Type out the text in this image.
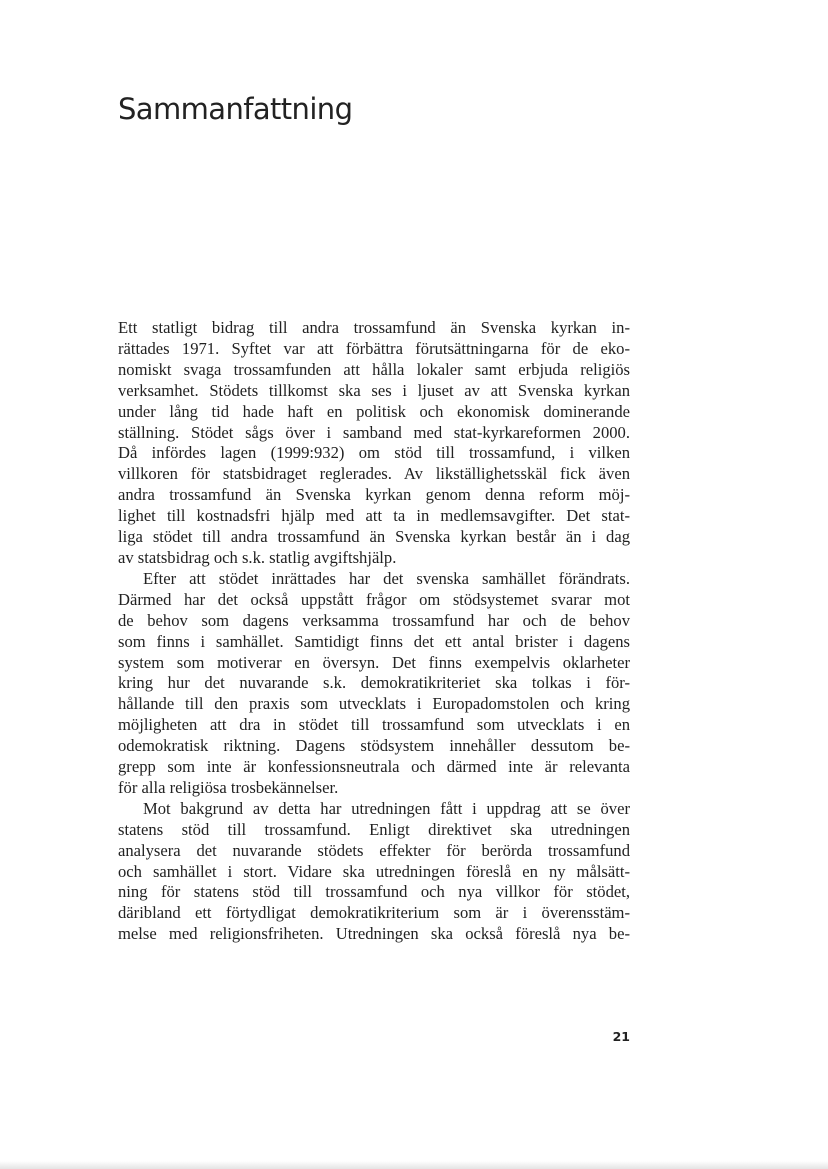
Sammanfattning
Ett statligt bidrag till andra trossamfund än Svenska kyrkan in-
rättades 1971. Syftet var att förbättra förutsättningarna för de eko-
nomiskt svaga trossamfunden att hålla lokaler samt erbjuda religiös
verksamhet. Stödets tillkomst ska ses i ljuset av att Svenska kyrkan
under lång tid hade haft en politisk och ekonomisk dominerande
ställning. Stödet sågs över i samband med stat-kyrkareformen 2000.
Då infördes lagen (1999:932) om stöd till trossamfund, i vilken
villkoren för statsbidraget reglerades. Av likställighetsskäl fick även
andra trossamfund än Svenska kyrkan genom denna reform möj-
lighet till kostnadsfri hjälp med att ta in medlemsavgifter. Det stat-
liga stödet till andra trossamfund än Svenska kyrkan består än i dag
av statsbidrag och s.k. statlig avgiftshjälp.
Efter att stödet inrättades har det svenska samhället förändrats.
Därmed har det också uppstått frågor om stödsystemet svarar mot
de behov som dagens verksamma trossamfund har och de behov
som finns i samhället. Samtidigt finns det ett antal brister i dagens
system som motiverar en översyn. Det finns exempelvis oklarheter
kring hur det nuvarande s.k. demokratikriteriet ska tolkas i för-
hållande till den praxis som utvecklats i Europadomstolen och kring
möjligheten att dra in stödet till trossamfund som utvecklats i en
odemokratisk riktning. Dagens stödsystem innehåller dessutom be-
grepp som inte är konfessionsneutrala och därmed inte är relevanta
för alla religiösa trosbekännelser.
Mot bakgrund av detta har utredningen fått i uppdrag att se över
statens stöd till trossamfund. Enligt direktivet ska utredningen
analysera det nuvarande stödets effekter för berörda trossamfund
och samhället i stort. Vidare ska utredningen föreslå en ny målsätt-
ning för statens stöd till trossamfund och nya villkor för stödet,
däribland ett förtydligat demokratikriterium som är i överensstäm-
melse med religionsfriheten. Utredningen ska också föreslå nya be-
21
